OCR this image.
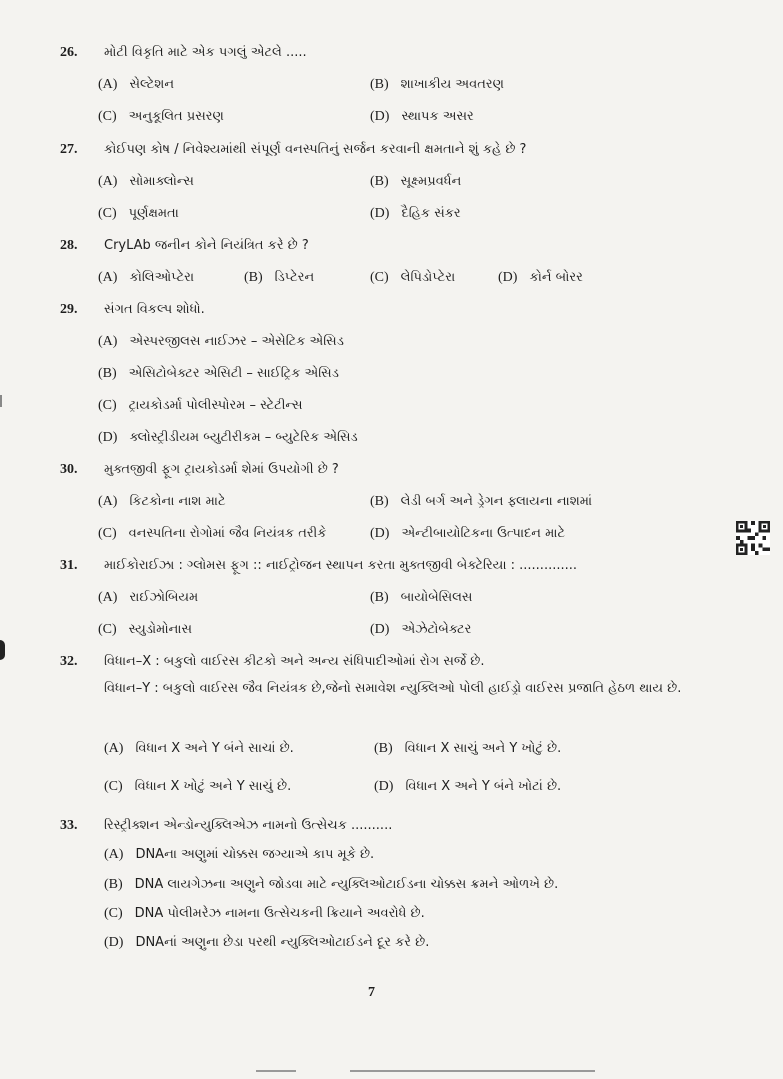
26. મોટી વિકૃતિ માટે એક પગલું એટલે .....
(A) સેલ્ટેશન	(B) શાખાકીય અવતરણ
(C) અનુકૂલિત પ્રસરણ	(D) સ્થાપક અસર
27. કોઈપણ કોષ / નિવેશ્યમાંથી સંપૂર્ણ વનસ્પતિનું સર્જન કરવાની ક્ષમતાને શું કહે છે ?
(A) સોમાક્લોન્સ	(B) સૂક્ષ્મપ્રવર્ધન
(C) પૂર્ણક્ષમતા	(D) દૈહિક સંકર
28. CryLAb જનીન કોને નિયંત્રિત કરે છે ?
(A) કોલિઓપ્ટેરા	(B) ડિપ્ટેરન	(C) લેપિડોપ્ટેરા	(D) કોર્ન બોરર
29. સંગત વિકલ્પ શોધો.
(A) એસ્પરજીલસ નાઈઝર – એસેટિક એસિડ
(B) એસિટોબેક્ટર એસિટી – સાઈટ્રિક એસિડ
(C) ટ્રાયકોડર્મા પોલીસ્પોરમ – સ્ટેટીન્સ
(D) ક્લોસ્ટ્રીડીયમ બ્યુટીરીકમ – બ્યુટેરિક એસિડ
30. મુક્તજીવી ફૂગ ટ્રાયકોડર્મા શેમાં ઉપયોગી છે ?
(A) કિટકોના નાશ માટે	(B) લેડી બર્ગ અને ડ્રેગન ફ્લાયના નાશમાં
(C) વનસ્પતિના રોગોમાં જૈવ નિયંત્રક તરીકે	(D) એન્ટીબાયોટિકના ઉત્પાદન માટે
31. માઈકોરાઈઝા : ગ્લોમસ ફૂગ :: નાઈટ્રોજન સ્થાપન કરતા મુક્તજીવી બેક્ટેરિયા : ..............
(A) રાઈઝોબિયમ	(B) બાયોબેસિલસ
(C) સ્યુડોમોનાસ	(D) એઝેટોબેક્ટર
32. વિધાન–X : બકુલો વાઈરસ કીટકો અને અન્ય સંધિપાદીઓમાં રોગ સર્જે છે.
વિધાન–Y : બકુલો વાઈરસ જૈવ નિયંત્રક છે,જેનો સમાવેશ ન્યુક્લિઓ પોલી હાઈડ્રો વાઈરસ પ્રજાતિ હેઠળ થાય છે.
(A) વિધાન X અને Y બંને સાચાં છે.	(B) વિધાન X સાચું અને Y ખોટું છે.
(C) વિધાન X ખોટું અને Y સાચું છે.	(D) વિધાન X અને Y બંને ખોટાં છે.
33. રિસ્ટ્રીક્શન એન્ડોન્યુક્લિએઝ નામનો ઉત્સેચક ..........
(A) DNAના અણુમાં ચોક્કસ જગ્યાએ કાપ મૂકે છે.
(B) DNA લાયગેઝના અણુને જોડવા માટે ન્યુક્લિઓટાઈડના ચોક્કસ ક્રમને ઓળખે છે.
(C) DNA પોલીમરેઝ નામના ઉત્સેચકની ક્રિયાને અવરોધે છે.
(D) DNAનાં અણુના છેડા પરથી ન્યુક્લિઓટાઈડને દૂર કરે છે.
7
